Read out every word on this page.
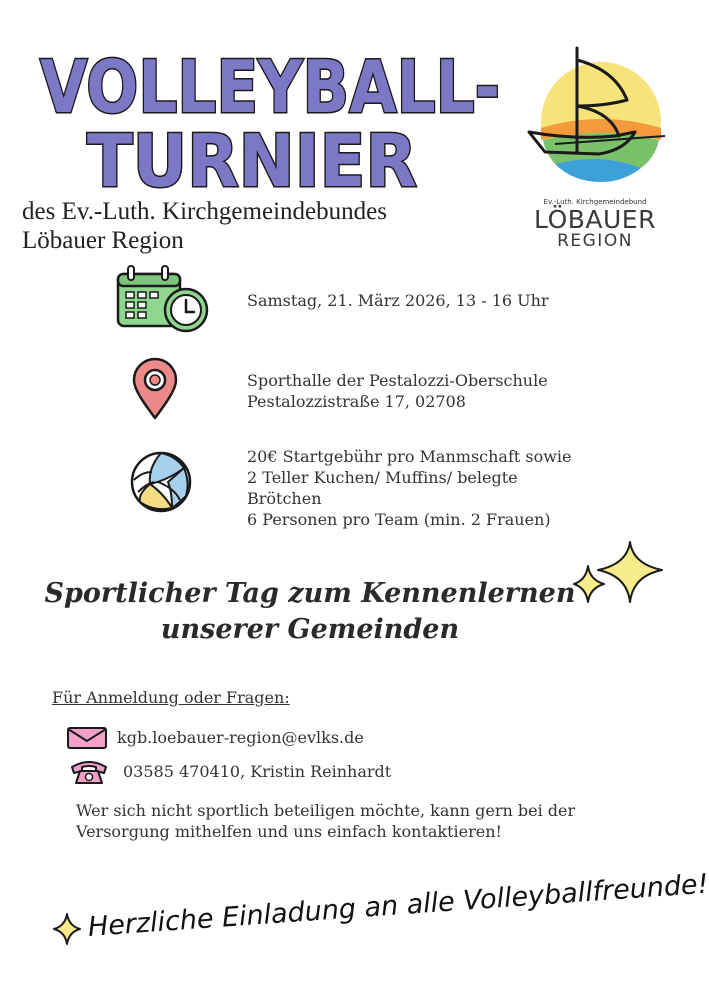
VOLLEYBALL-
TURNIER
des Ev.-Luth. Kirchgemeindebundes
Löbauer Region
Ev.-Luth. Kirchgemeindebund
LÖBAUER
REGION
Samstag, 21. März 2026, 13 - 16 Uhr
Sporthalle der Pestalozzi-Oberschule
Pestalozzistraße 17, 02708
20€ Startgebühr pro Manmschaft sowie
2 Teller Kuchen/ Muffins/ belegte
Brötchen
6 Personen pro Team (min. 2 Frauen)
Sportlicher Tag zum Kennenlernen
unserer Gemeinden
Für Anmeldung oder Fragen:
kgb.loebauer-region@evlks.de
03585 470410, Kristin Reinhardt
Wer sich nicht sportlich beteiligen möchte, kann gern bei der
Versorgung mithelfen und uns einfach kontaktieren!
Herzliche Einladung an alle Volleyballfreunde!
